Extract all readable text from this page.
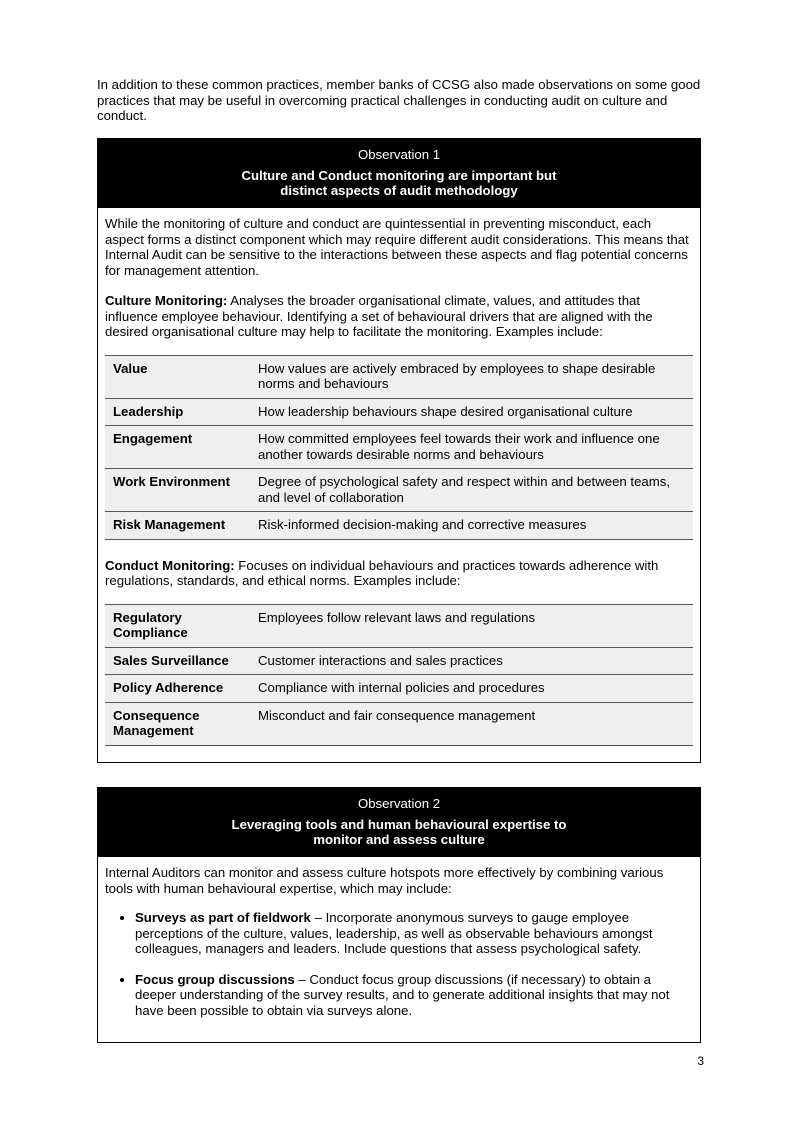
In addition to these common practices, member banks of CCSG also made observations on some good practices that may be useful in overcoming practical challenges in conducting audit on culture and conduct.

Observation 1
Culture and Conduct monitoring are important but distinct aspects of audit methodology

While the monitoring of culture and conduct are quintessential in preventing misconduct, each aspect forms a distinct component which may require different audit considerations. This means that Internal Audit can be sensitive to the interactions between these aspects and flag potential concerns for management attention.

Culture Monitoring: Analyses the broader organisational climate, values, and attitudes that influence employee behaviour. Identifying a set of behavioural drivers that are aligned with the desired organisational culture may help to facilitate the monitoring. Examples include:

Value	How values are actively embraced by employees to shape desirable norms and behaviours
Leadership	How leadership behaviours shape desired organisational culture
Engagement	How committed employees feel towards their work and influence one another towards desirable norms and behaviours
Work Environment	Degree of psychological safety and respect within and between teams, and level of collaboration
Risk Management	Risk-informed decision-making and corrective measures

Conduct Monitoring: Focuses on individual behaviours and practices towards adherence with regulations, standards, and ethical norms. Examples include:

Regulatory Compliance	Employees follow relevant laws and regulations
Sales Surveillance	Customer interactions and sales practices
Policy Adherence	Compliance with internal policies and procedures
Consequence Management	Misconduct and fair consequence management
Observation 2
Leveraging tools and human behavioural expertise to monitor and assess culture

Internal Auditors can monitor and assess culture hotspots more effectively by combining various tools with human behavioural expertise, which may include:

• Surveys as part of fieldwork – Incorporate anonymous surveys to gauge employee perceptions of the culture, values, leadership, as well as observable behaviours amongst colleagues, managers and leaders. Include questions that assess psychological safety.
• Focus group discussions – Conduct focus group discussions (if necessary) to obtain a deeper understanding of the survey results, and to generate additional insights that may not have been possible to obtain via surveys alone.
3
